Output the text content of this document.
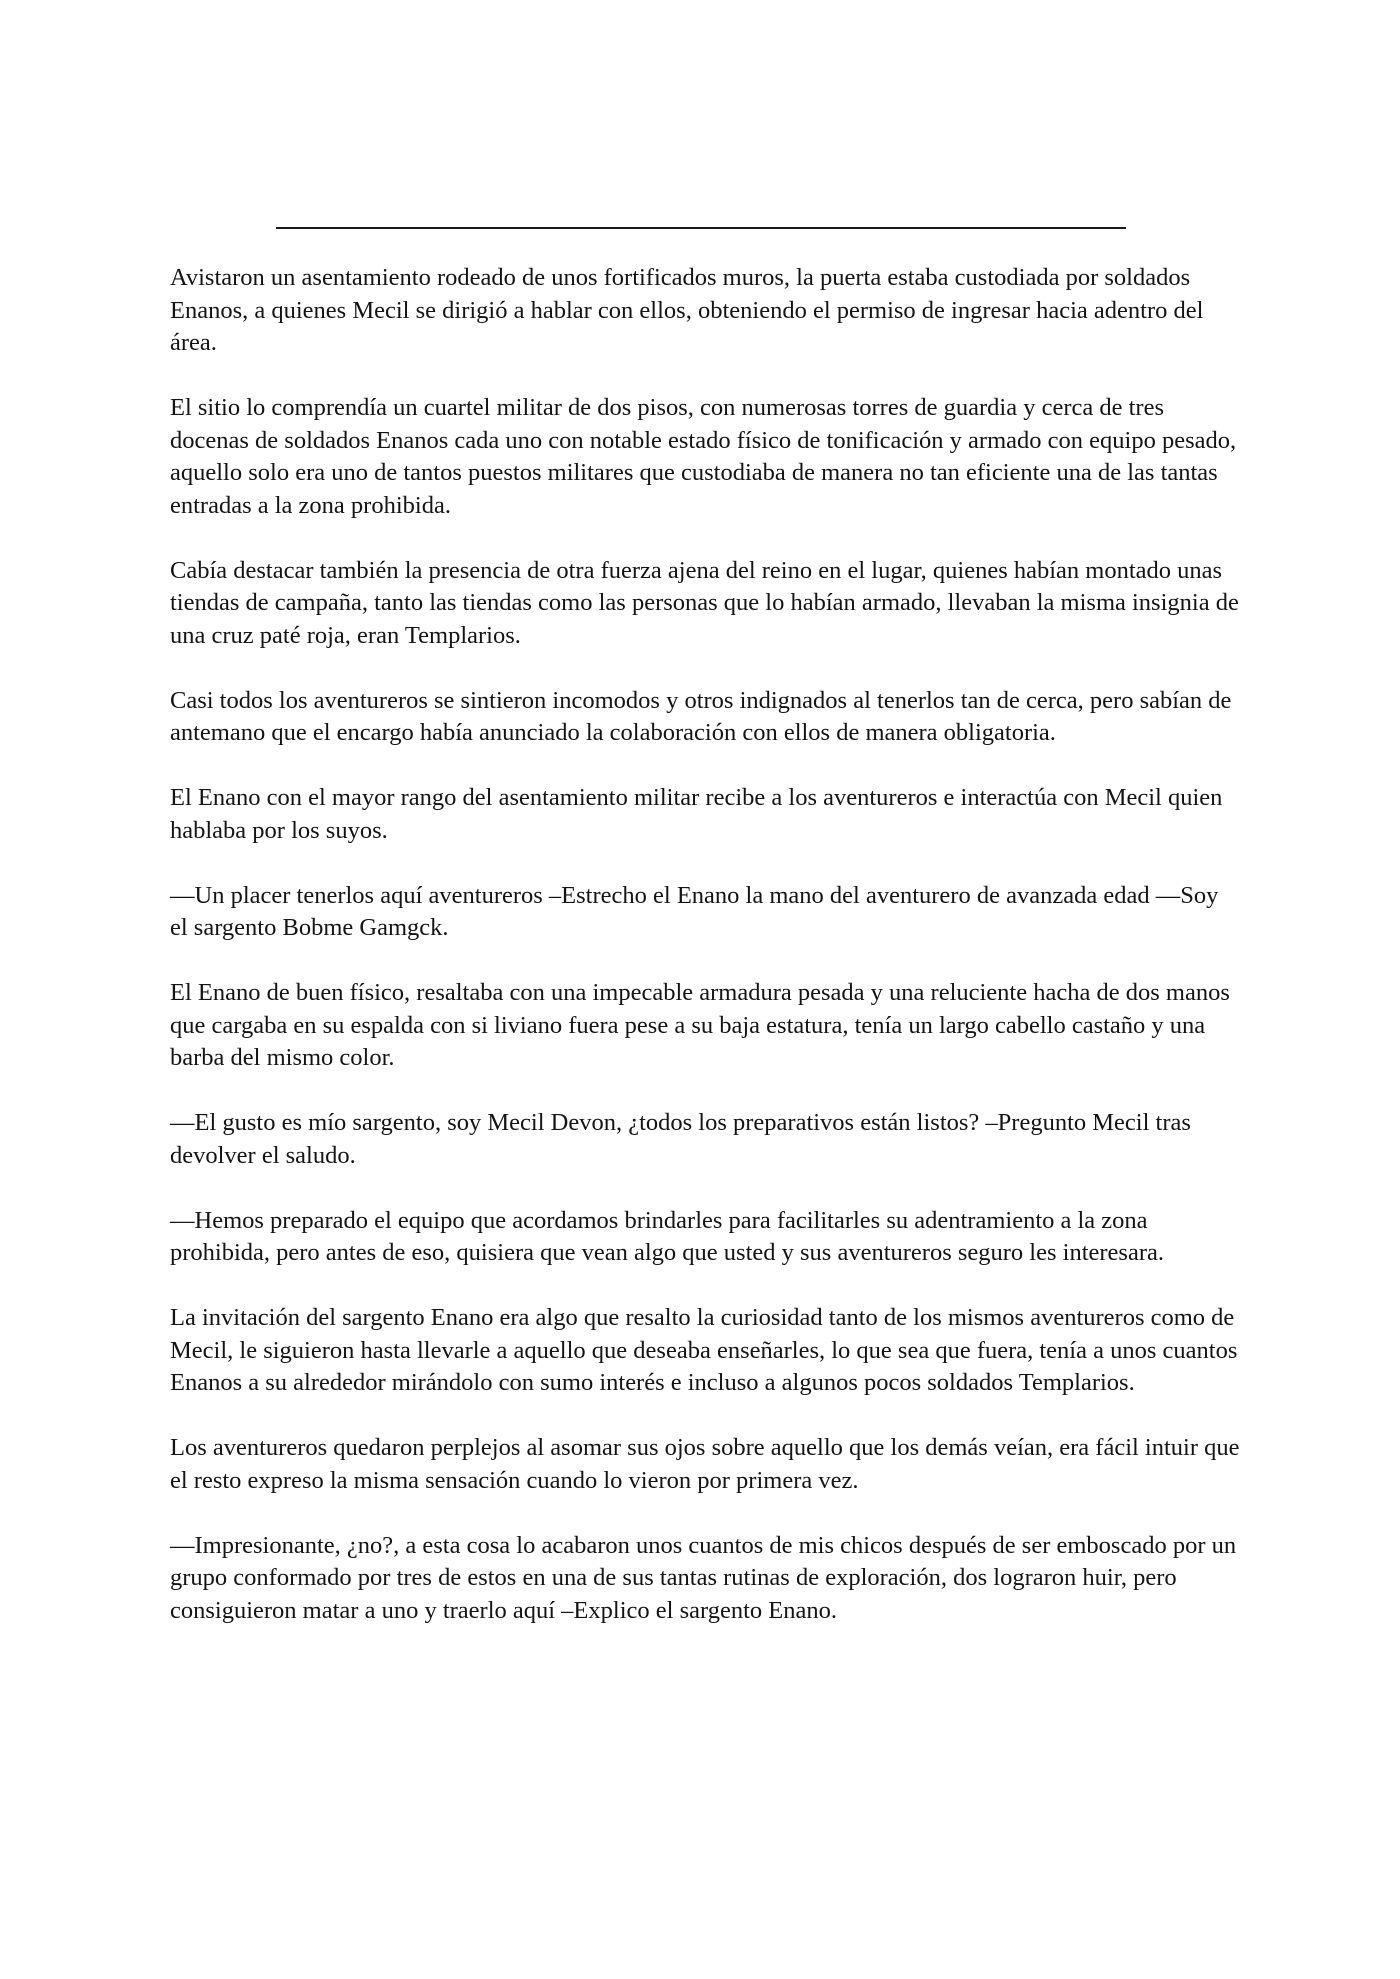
Avistaron un asentamiento rodeado de unos fortificados muros, la puerta estaba custodiada por soldados Enanos, a quienes Mecil se dirigió a hablar con ellos, obteniendo el permiso de ingresar hacia adentro del área.

El sitio lo comprendía un cuartel militar de dos pisos, con numerosas torres de guardia y cerca de tres docenas de soldados Enanos cada uno con notable estado físico de tonificación y armado con equipo pesado, aquello solo era uno de tantos puestos militares que custodiaba de manera no tan eficiente una de las tantas entradas a la zona prohibida.

Cabía destacar también la presencia de otra fuerza ajena del reino en el lugar, quienes habían montado unas tiendas de campaña, tanto las tiendas como las personas que lo habían armado, llevaban la misma insignia de una cruz paté roja, eran Templarios.

Casi todos los aventureros se sintieron incomodos y otros indignados al tenerlos tan de cerca, pero sabían de antemano que el encargo había anunciado la colaboración con ellos de manera obligatoria.

El Enano con el mayor rango del asentamiento militar recibe a los aventureros e interactúa con Mecil quien hablaba por los suyos.

—Un placer tenerlos aquí aventureros –Estrecho el Enano la mano del aventurero de avanzada edad —Soy el sargento Bobme Gamgck.

El Enano de buen físico, resaltaba con una impecable armadura pesada y una reluciente hacha de dos manos que cargaba en su espalda con si liviano fuera pese a su baja estatura, tenía un largo cabello castaño y una barba del mismo color.

—El gusto es mío sargento, soy Mecil Devon, ¿todos los preparativos están listos? –Pregunto Mecil tras devolver el saludo.

—Hemos preparado el equipo que acordamos brindarles para facilitarles su adentramiento a la zona prohibida, pero antes de eso, quisiera que vean algo que usted y sus aventureros seguro les interesara.

La invitación del sargento Enano era algo que resalto la curiosidad tanto de los mismos aventureros como de Mecil, le siguieron hasta llevarle a aquello que deseaba enseñarles, lo que sea que fuera, tenía a unos cuantos Enanos a su alrededor mirándolo con sumo interés e incluso a algunos pocos soldados Templarios.

Los aventureros quedaron perplejos al asomar sus ojos sobre aquello que los demás veían, era fácil intuir que el resto expreso la misma sensación cuando lo vieron por primera vez.

—Impresionante, ¿no?, a esta cosa lo acabaron unos cuantos de mis chicos después de ser emboscado por un grupo conformado por tres de estos en una de sus tantas rutinas de exploración, dos lograron huir, pero consiguieron matar a uno y traerlo aquí –Explico el sargento Enano.
